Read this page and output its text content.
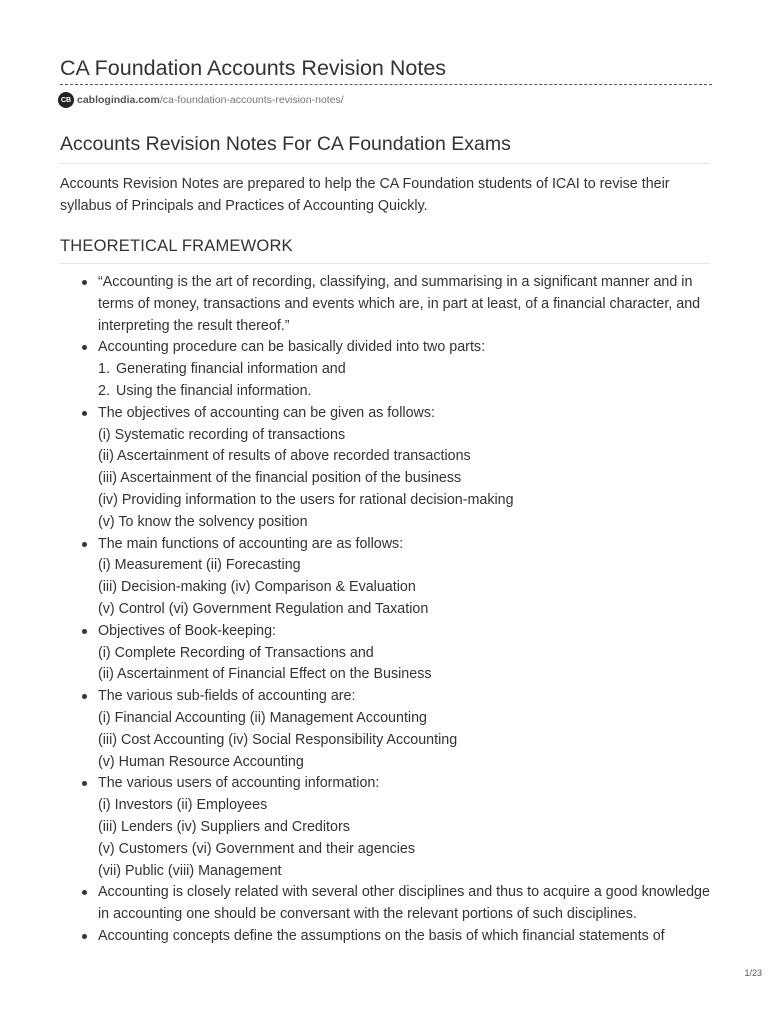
CA Foundation Accounts Revision Notes
CB cablogindia.com /ca-foundation-accounts-revision-notes/
Accounts Revision Notes For CA Foundation Exams

Accounts Revision Notes are prepared to help the CA Foundation students of ICAI to revise their syllabus of Principals and Practices of Accounting Quickly.

THEORETICAL FRAMEWORK
“Accounting is the art of recording, classifying, and summarising in a significant manner and in terms of money, transactions and events which are, in part at least, of a financial character, and interpreting the result thereof.”
Accounting procedure can be basically divided into two parts:
1. Generating financial information and
2. Using the financial information.
The objectives of accounting can be given as follows:
(i) Systematic recording of transactions
(ii) Ascertainment of results of above recorded transactions
(iii) Ascertainment of the financial position of the business
(iv) Providing information to the users for rational decision-making
(v) To know the solvency position
The main functions of accounting are as follows:
(i) Measurement (ii) Forecasting
(iii) Decision-making (iv) Comparison & Evaluation
(v) Control (vi) Government Regulation and Taxation
Objectives of Book-keeping:
(i) Complete Recording of Transactions and
(ii) Ascertainment of Financial Effect on the Business
The various sub-fields of accounting are:
(i) Financial Accounting (ii) Management Accounting
(iii) Cost Accounting (iv) Social Responsibility Accounting
(v) Human Resource Accounting
The various users of accounting information:
(i) Investors (ii) Employees
(iii) Lenders (iv) Suppliers and Creditors
(v) Customers (vi) Government and their agencies
(vii) Public (viii) Management
Accounting is closely related with several other disciplines and thus to acquire a good knowledge in accounting one should be conversant with the relevant portions of such disciplines.
Accounting concepts define the assumptions on the basis of which financial statements of
1/23
